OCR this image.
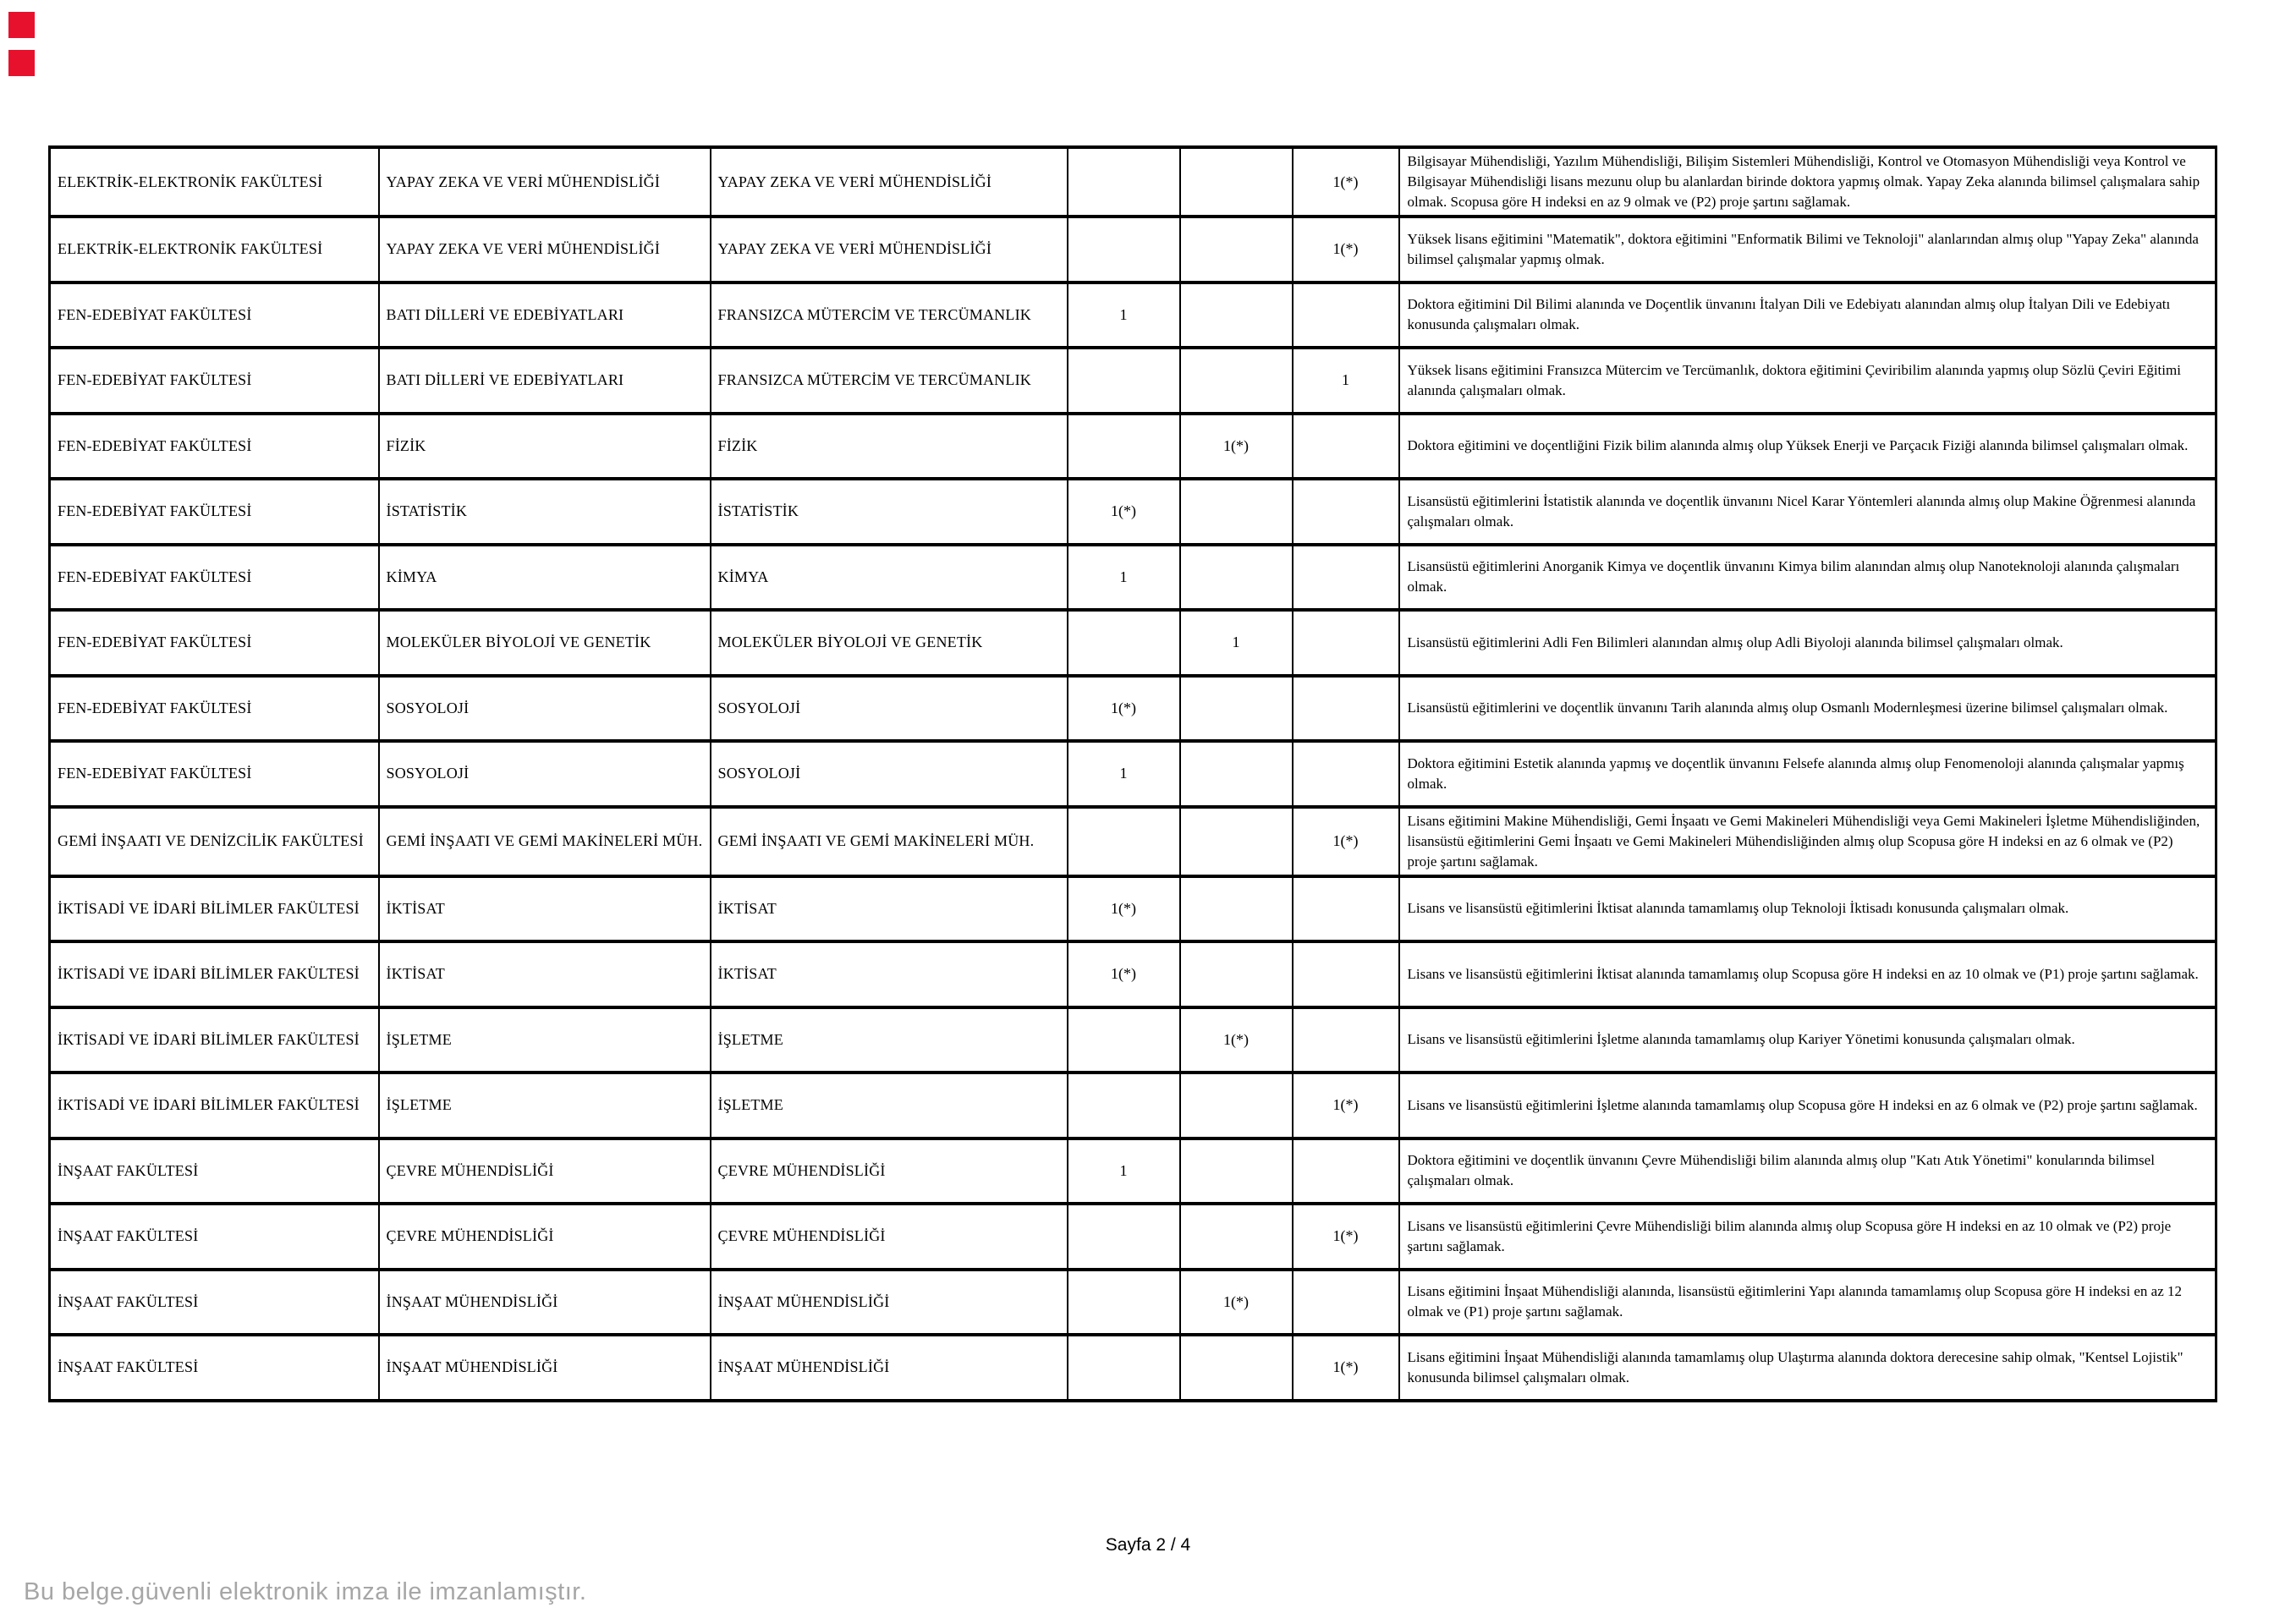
ELEKTRİK-ELEKTRONİK FAKÜLTESİ	YAPAY ZEKA VE VERİ MÜHENDİSLİĞİ	YAPAY ZEKA VE VERİ MÜHENDİSLİĞİ			1(*)	Bilgisayar Mühendisliği, Yazılım Mühendisliği, Bilişim Sistemleri Mühendisliği, Kontrol ve Otomasyon Mühendisliği veya Kontrol ve Bilgisayar Mühendisliği lisans mezunu olup bu alanlardan birinde doktora yapmış olmak. Yapay Zeka alanında bilimsel çalışmalara sahip olmak. Scopusa göre H indeksi en az 9 olmak ve (P2) proje şartını sağlamak.
ELEKTRİK-ELEKTRONİK FAKÜLTESİ	YAPAY ZEKA VE VERİ MÜHENDİSLİĞİ	YAPAY ZEKA VE VERİ MÜHENDİSLİĞİ			1(*)	Yüksek lisans eğitimini "Matematik", doktora eğitimini "Enformatik Bilimi ve Teknoloji" alanlarından almış olup "Yapay Zeka" alanında bilimsel çalışmalar yapmış olmak.
FEN-EDEBİYAT FAKÜLTESİ	BATI DİLLERİ VE EDEBİYATLARI	FRANSIZCA MÜTERCİM VE TERCÜMANLIK	1			Doktora eğitimini Dil Bilimi alanında ve Doçentlik ünvanını İtalyan Dili ve Edebiyatı alanından almış olup İtalyan Dili ve Edebiyatı konusunda çalışmaları olmak.
FEN-EDEBİYAT FAKÜLTESİ	BATI DİLLERİ VE EDEBİYATLARI	FRANSIZCA MÜTERCİM VE TERCÜMANLIK			1	Yüksek lisans eğitimini Fransızca Mütercim ve Tercümanlık, doktora eğitimini Çeviribilim alanında yapmış olup Sözlü Çeviri Eğitimi alanında çalışmaları olmak.
FEN-EDEBİYAT FAKÜLTESİ	FİZİK	FİZİK		1(*)		Doktora eğitimini ve doçentliğini Fizik bilim alanında almış olup Yüksek Enerji ve Parçacık Fiziği alanında bilimsel çalışmaları olmak.
FEN-EDEBİYAT FAKÜLTESİ	İSTATİSTİK	İSTATİSTİK	1(*)			Lisansüstü eğitimlerini İstatistik alanında ve doçentlik ünvanını Nicel Karar Yöntemleri alanında almış olup Makine Öğrenmesi alanında çalışmaları olmak.
FEN-EDEBİYAT FAKÜLTESİ	KİMYA	KİMYA	1			Lisansüstü eğitimlerini Anorganik Kimya ve doçentlik ünvanını Kimya bilim alanından almış olup Nanoteknoloji alanında çalışmaları olmak.
FEN-EDEBİYAT FAKÜLTESİ	MOLEKÜLER BİYOLOJİ VE GENETİK	MOLEKÜLER BİYOLOJİ VE GENETİK		1		Lisansüstü eğitimlerini Adli Fen Bilimleri alanından almış olup Adli Biyoloji alanında bilimsel çalışmaları olmak.
FEN-EDEBİYAT FAKÜLTESİ	SOSYOLOJİ	SOSYOLOJİ	1(*)			Lisansüstü eğitimlerini ve doçentlik ünvanını Tarih alanında almış olup Osmanlı Modernleşmesi üzerine bilimsel çalışmaları olmak.
FEN-EDEBİYAT FAKÜLTESİ	SOSYOLOJİ	SOSYOLOJİ	1			Doktora eğitimini Estetik alanında yapmış ve doçentlik ünvanını Felsefe alanında almış olup Fenomenoloji alanında çalışmalar yapmış olmak.
GEMİ İNŞAATI VE DENİZCİLİK FAKÜLTESİ	GEMİ İNŞAATI VE GEMİ MAKİNELERİ MÜH.	GEMİ İNŞAATI VE GEMİ MAKİNELERİ MÜH.			1(*)	Lisans eğitimini Makine Mühendisliği, Gemi İnşaatı ve Gemi Makineleri Mühendisliği veya Gemi Makineleri İşletme Mühendisliğinden, lisansüstü eğitimlerini Gemi İnşaatı ve Gemi Makineleri Mühendisliğinden almış olup Scopusa göre H indeksi en az 6 olmak ve (P2) proje şartını sağlamak.
İKTİSADİ VE İDARİ BİLİMLER FAKÜLTESİ	İKTİSAT	İKTİSAT	1(*)			Lisans ve lisansüstü eğitimlerini İktisat alanında tamamlamış olup Teknoloji İktisadı konusunda çalışmaları olmak.
İKTİSADİ VE İDARİ BİLİMLER FAKÜLTESİ	İKTİSAT	İKTİSAT	1(*)			Lisans ve lisansüstü eğitimlerini İktisat alanında tamamlamış olup Scopusa göre H indeksi en az 10 olmak ve (P1) proje şartını sağlamak.
İKTİSADİ VE İDARİ BİLİMLER FAKÜLTESİ	İŞLETME	İŞLETME		1(*)		Lisans ve lisansüstü eğitimlerini İşletme alanında tamamlamış olup Kariyer Yönetimi konusunda çalışmaları olmak.
İKTİSADİ VE İDARİ BİLİMLER FAKÜLTESİ	İŞLETME	İŞLETME			1(*)	Lisans ve lisansüstü eğitimlerini İşletme alanında tamamlamış olup Scopusa göre H indeksi en az 6 olmak ve (P2) proje şartını sağlamak.
İNŞAAT FAKÜLTESİ	ÇEVRE MÜHENDİSLİĞİ	ÇEVRE MÜHENDİSLİĞİ	1			Doktora eğitimini ve doçentlik ünvanını Çevre Mühendisliği bilim alanında almış olup "Katı Atık Yönetimi" konularında bilimsel çalışmaları olmak.
İNŞAAT FAKÜLTESİ	ÇEVRE MÜHENDİSLİĞİ	ÇEVRE MÜHENDİSLİĞİ			1(*)	Lisans ve lisansüstü eğitimlerini Çevre Mühendisliği bilim alanında almış olup Scopusa göre H indeksi en az 10 olmak ve (P2) proje şartını sağlamak.
İNŞAAT FAKÜLTESİ	İNŞAAT MÜHENDİSLİĞİ	İNŞAAT MÜHENDİSLİĞİ		1(*)		Lisans eğitimini İnşaat Mühendisliği alanında, lisansüstü eğitimlerini Yapı alanında tamamlamış olup Scopusa göre H indeksi en az 12 olmak ve (P1) proje şartını sağlamak.
İNŞAAT FAKÜLTESİ	İNŞAAT MÜHENDİSLİĞİ	İNŞAAT MÜHENDİSLİĞİ			1(*)	Lisans eğitimini İnşaat Mühendisliği alanında tamamlamış olup Ulaştırma alanında doktora derecesine sahip olmak, "Kentsel Lojistik" konusunda bilimsel çalışmaları olmak.
Sayfa 2 / 4
Bu belge.güvenli elektronik imza ile imzanlamıştır.
